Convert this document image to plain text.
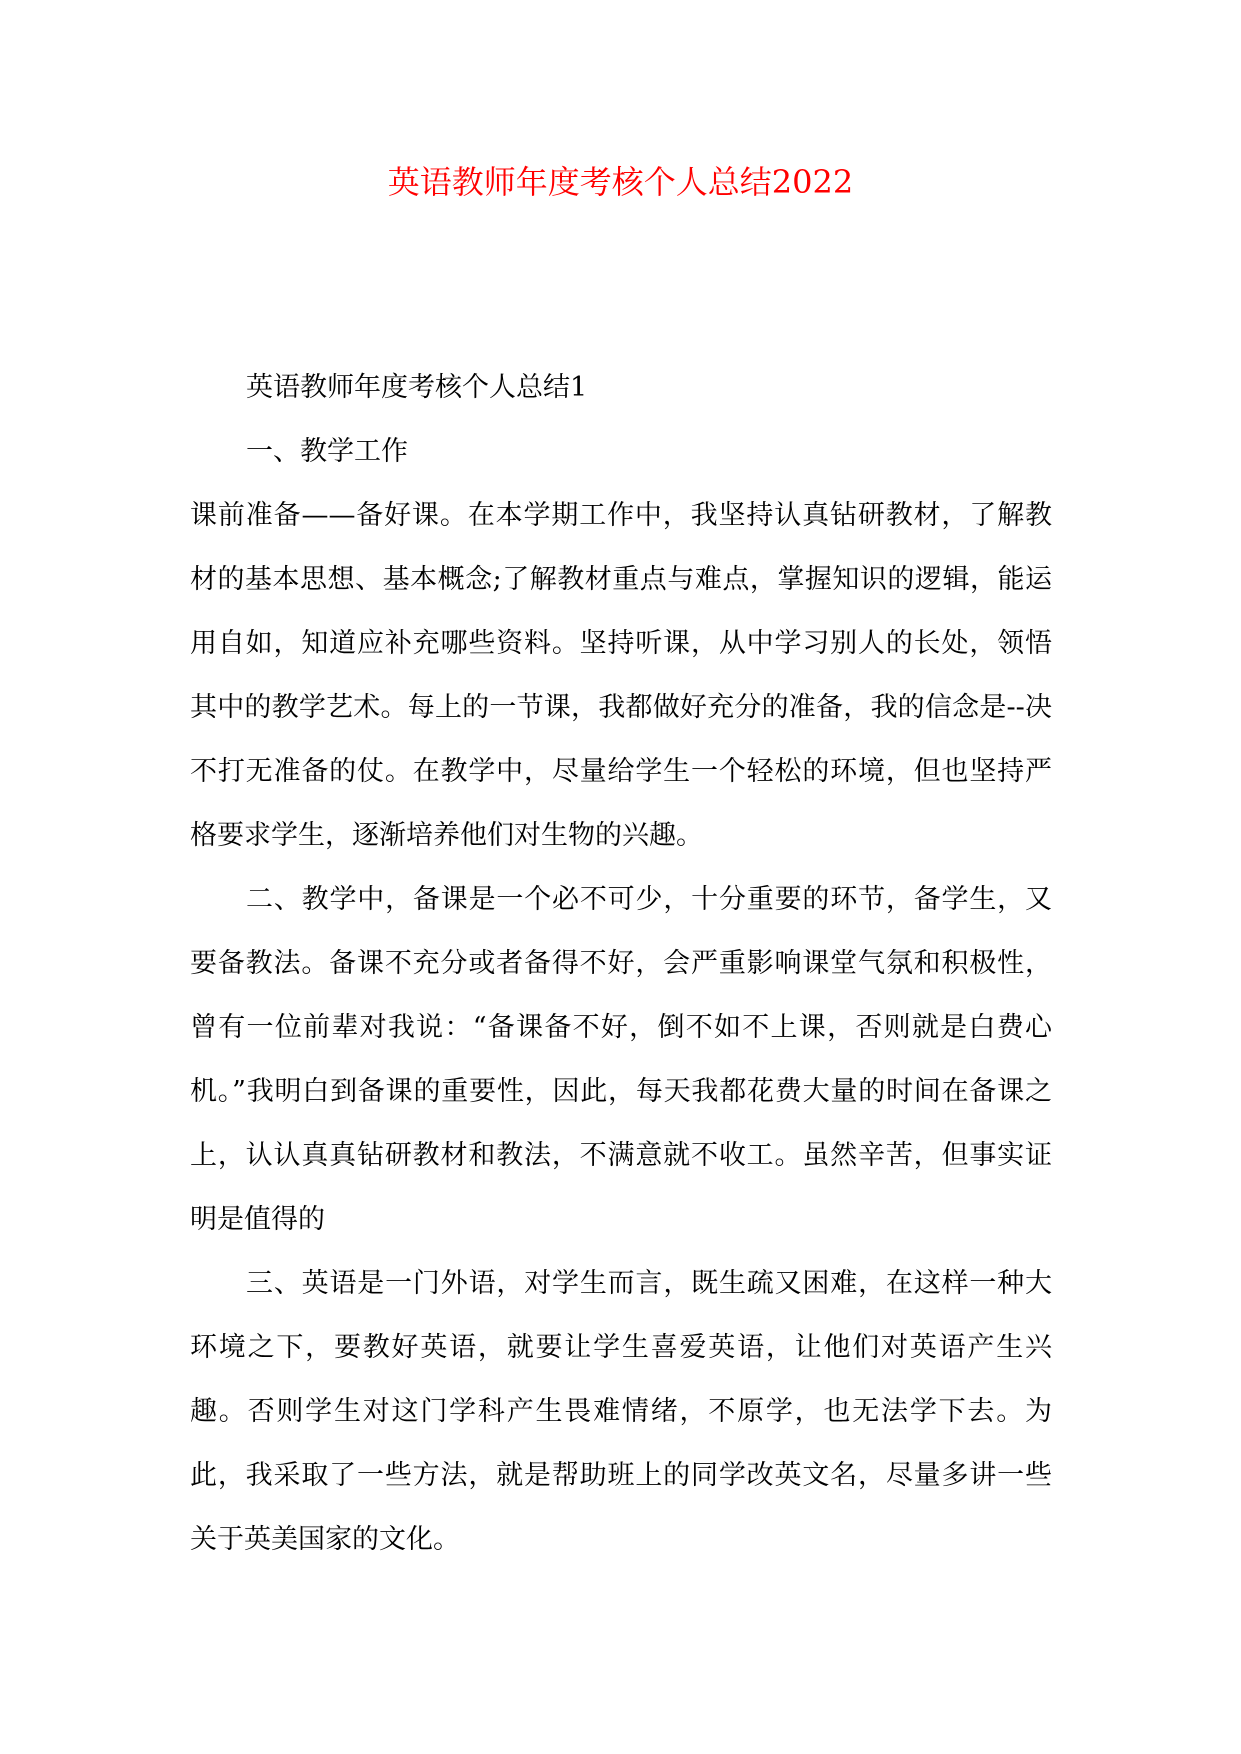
英语教师年度考核个人总结2022

英语教师年度考核个人总结1

一、教学工作

课前准备——备好课。在本学期工作中，我坚持认真钻研教材，了解教材的基本思想、基本概念;了解教材重点与难点，掌握知识的逻辑，能运用自如，知道应补充哪些资料。坚持听课，从中学习别人的长处，领悟其中的教学艺术。每上的一节课，我都做好充分的准备，我的信念是--决不打无准备的仗。在教学中，尽量给学生一个轻松的环境，但也坚持严格要求学生，逐渐培养他们对生物的兴趣。

二、教学中，备课是一个必不可少，十分重要的环节，备学生，又要备教法。备课不充分或者备得不好，会严重影响课堂气氛和积极性，曾有一位前辈对我说：“备课备不好，倒不如不上课，否则就是白费心机。”我明白到备课的重要性，因此，每天我都花费大量的时间在备课之上，认认真真钻研教材和教法，不满意就不收工。虽然辛苦，但事实证明是值得的

三、英语是一门外语，对学生而言，既生疏又困难，在这样一种大环境之下，要教好英语，就要让学生喜爱英语，让他们对英语产生兴趣。否则学生对这门学科产生畏难情绪，不原学，也无法学下去。为此，我采取了一些方法，就是帮助班上的同学改英文名，尽量多讲一些关于英美国家的文化。
